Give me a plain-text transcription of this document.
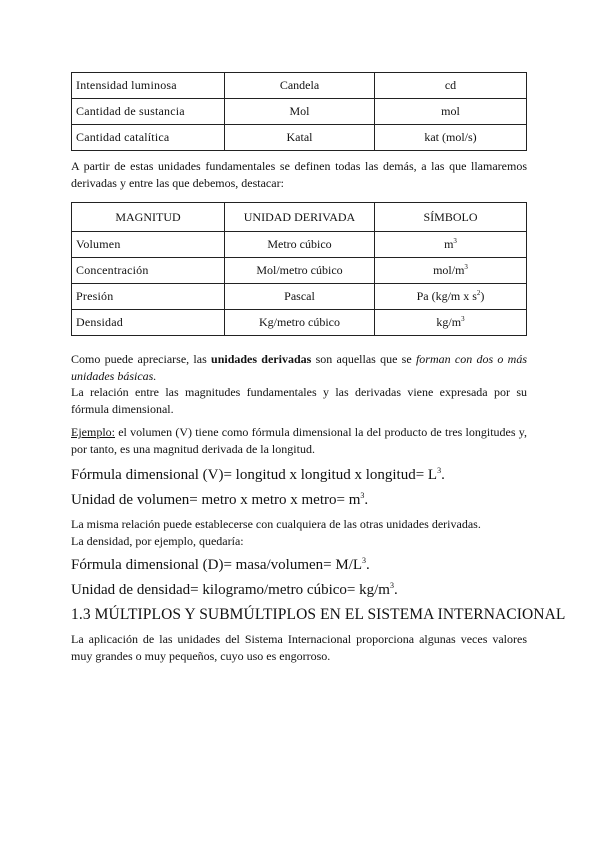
Intensidad luminosa	Candela	cd
Cantidad de sustancia	Mol	mol
Cantidad catalítica	Katal	kat (mol/s)

A partir de estas unidades fundamentales se definen todas las demás, a las que llamaremos derivadas y entre las que debemos, destacar:

MAGNITUD	UNIDAD DERIVADA	SÍMBOLO
Volumen	Metro cúbico	$m^3$
Concentración	Mol/metro cúbico	mol/$m^3$
Presión	Pascal	Pa (kg/m x $s^2$)
Densidad	Kg/metro cúbico	$kg/m^3$

Como puede apreciarse, las unidades derivadas son aquellas que se forman con dos o más unidades básicas.

La relación entre las magnitudes fundamentales y las derivadas viene expresada por su fórmula dimensional.

Ejemplo: el volumen (V) tiene como fórmula dimensional la del producto de tres longitudes y, por tanto, es una magnitud derivada de la longitud.

Fórmula dimensional (V)= longitud x longitud x longitud= $L^3$.

Unidad de volumen= metro x metro x metro= $m^3$.

La misma relación puede establecerse con cualquiera de las otras unidades derivadas.
La densidad, por ejemplo, quedaría:

Fórmula dimensional (D)= masa/volumen= $M/L^3$.

Unidad de densidad= kilogramo/metro cúbico= $kg/m^3$.

1.3 MÚLTIPLOS Y SUBMÚLTIPLOS EN EL SISTEMA INTERNACIONAL

La aplicación de las unidades del Sistema Internacional proporciona algunas veces valores muy grandes o muy pequeños, cuyo uso es engorroso.
